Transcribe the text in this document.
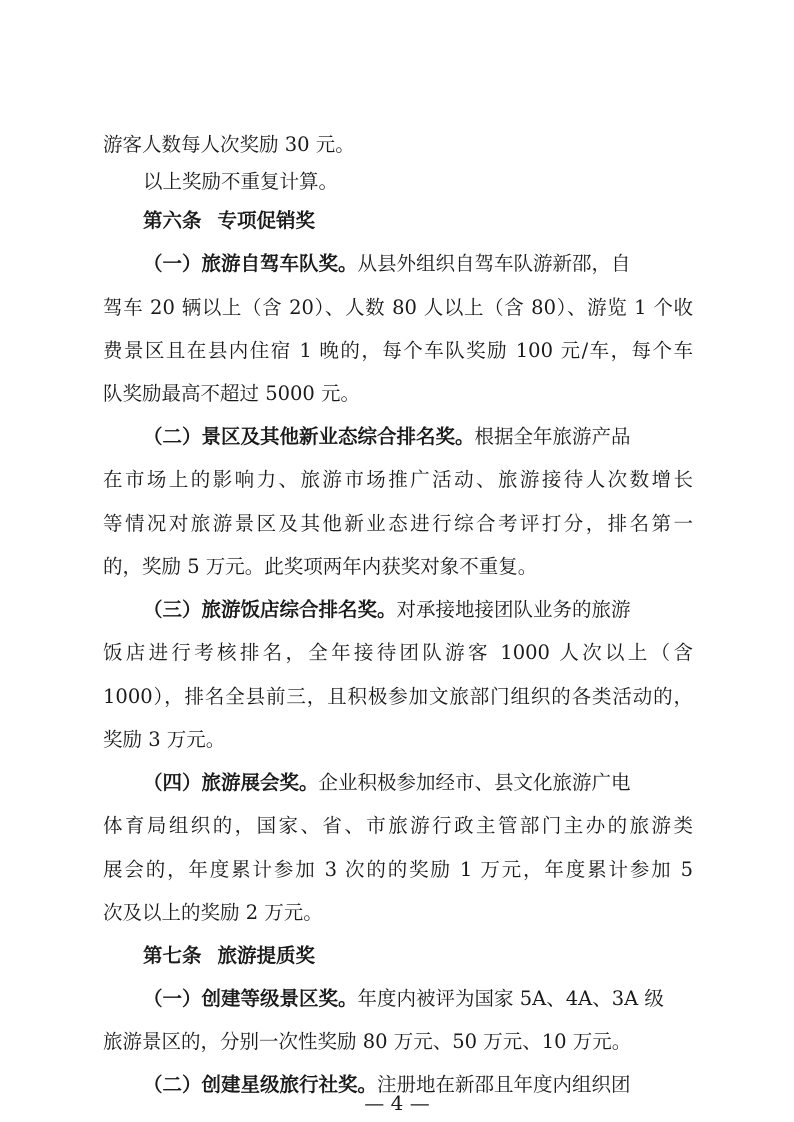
游客人数每人次奖励 30 元。
以上奖励不重复计算。
第六条 专项促销奖
（一）旅游自驾车队奖。从县外组织自驾车队游新邵，自
驾车 20 辆以上（含 20）、人数 80 人以上（含 80）、游览 1 个收
费景区且在县内住宿 1 晚的，每个车队奖励 100 元/车，每个车
队奖励最高不超过 5000 元。
（二）景区及其他新业态综合排名奖。根据全年旅游产品
在市场上的影响力、旅游市场推广活动、旅游接待人次数增长
等情况对旅游景区及其他新业态进行综合考评打分，排名第一
的，奖励 5 万元。此奖项两年内获奖对象不重复。
（三）旅游饭店综合排名奖。对承接地接团队业务的旅游
饭店进行考核排名，全年接待团队游客 1000 人次以上（含
1000），排名全县前三，且积极参加文旅部门组织的各类活动的，
奖励 3 万元。
（四）旅游展会奖。企业积极参加经市、县文化旅游广电
体育局组织的，国家、省、市旅游行政主管部门主办的旅游类
展会的，年度累计参加 3 次的的奖励 1 万元，年度累计参加 5
次及以上的奖励 2 万元。
第七条 旅游提质奖
（一）创建等级景区奖。年度内被评为国家 5A、4A、3A 级
旅游景区的，分别一次性奖励 80 万元、50 万元、10 万元。
（二）创建星级旅行社奖。注册地在新邵且年度内组织团
— 4 —
